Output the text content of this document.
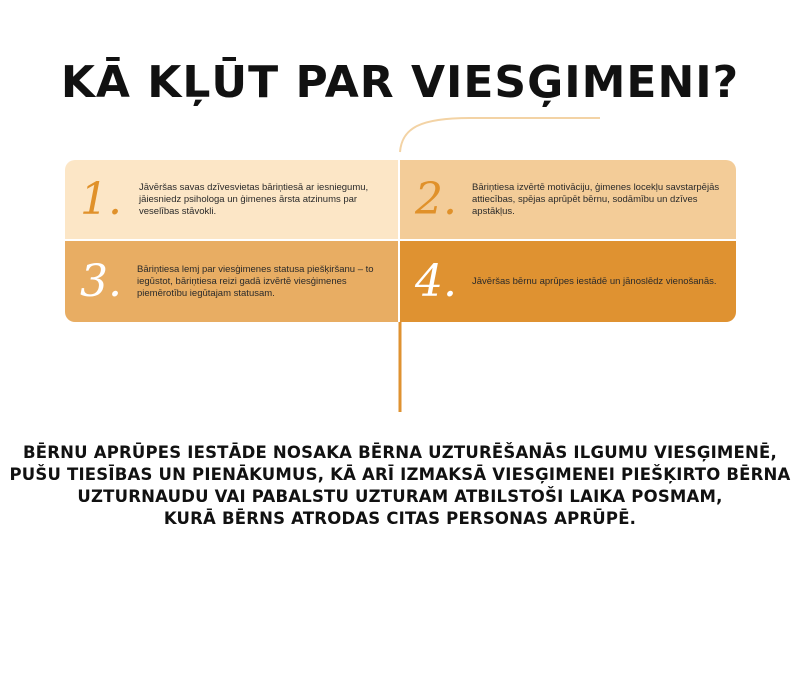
KĀ KĻŪT PAR VIESĢIMENI?
1.	Jāvēršas savas dzīvesvietas bāriņtiesā ar iesniegumu, jāiesniedz psihologa un ģimenes ārsta atzinums par veselības stāvokli.	2.	Bāriņtiesa izvērtē motivāciju, ģimenes locekļu savstarpējās attiecības, spējas aprūpēt bērnu, sodāmību un dzīves apstākļus.
3.	Bāriņtiesa lemj par viesģimenes statusa piešķiršanu – to iegūstot, bāriņtiesa reizi gadā izvērtē viesģimenes piemērotību iegūtajam statusam.	4.	Jāvēršas bērnu aprūpes iestādē un jānoslēdz vienošanās.
BĒRNU APRŪPES IESTĀDE NOSAKA BĒRNA UZTURĒŠANĀS ILGUMU VIESĢIMENĒ,
PUŠU TIESĪBAS UN PIENĀKUMUS, KĀ ARĪ IZMAKSĀ VIESĢIMENEI PIEŠĶIRTO BĒRNA
UZTURNAUDU VAI PABALSTU UZTURAM ATBILSTOŠI LAIKA POSMAM,
KURĀ BĒRNS ATRODAS CITAS PERSONAS APRŪPĒ.
